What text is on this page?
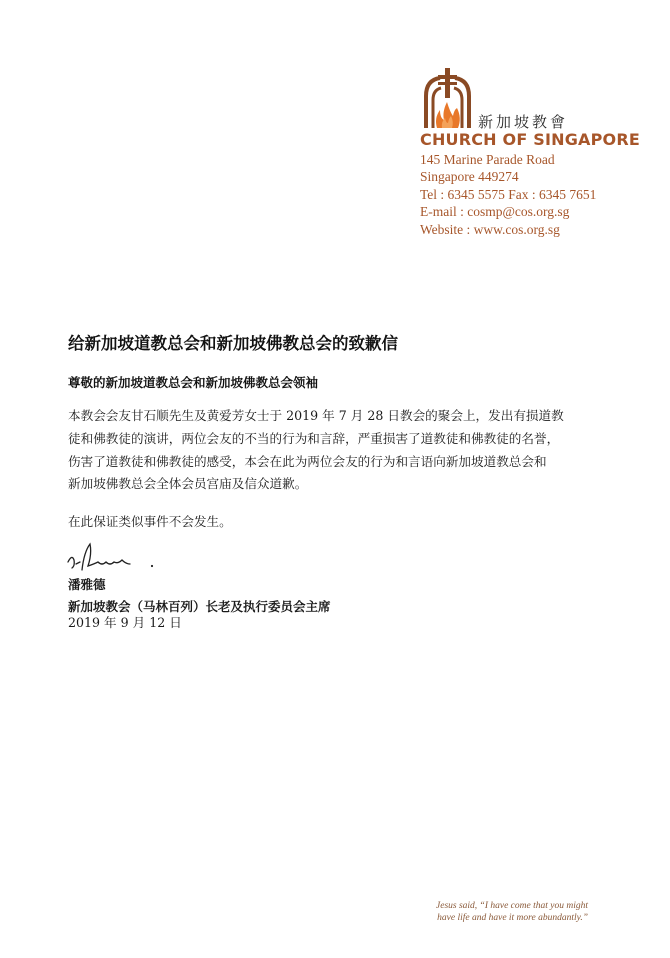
新加坡教會
CHURCH OF SINGAPORE
145 Marine Parade Road
Singapore 449274
Tel : 6345 5575 Fax : 6345 7651
E-mail : cosmp@cos.org.sg
Website : www.cos.org.sg
给新加坡道教总会和新加坡佛教总会的致歉信
尊敬的新加坡道教总会和新加坡佛教总会领袖
本教会会友甘石顺先生及黄爱芳女士于 2019 年 7 月 28 日教会的聚会上，发出有损道教
徒和佛教徒的演讲，两位会友的不当的行为和言辞，严重损害了道教徒和佛教徒的名誉，
伤害了道教徒和佛教徒的感受，本会在此为两位会友的行为和言语向新加坡道教总会和
新加坡佛教总会全体会员宫庙及信众道歉。
在此保证类似事件不会发生。
潘雅德
新加坡教会（马林百列）长老及执行委员会主席
2019 年 9 月 12 日
Jesus said, “I have come that you might
have life and have it more abundantly.”
